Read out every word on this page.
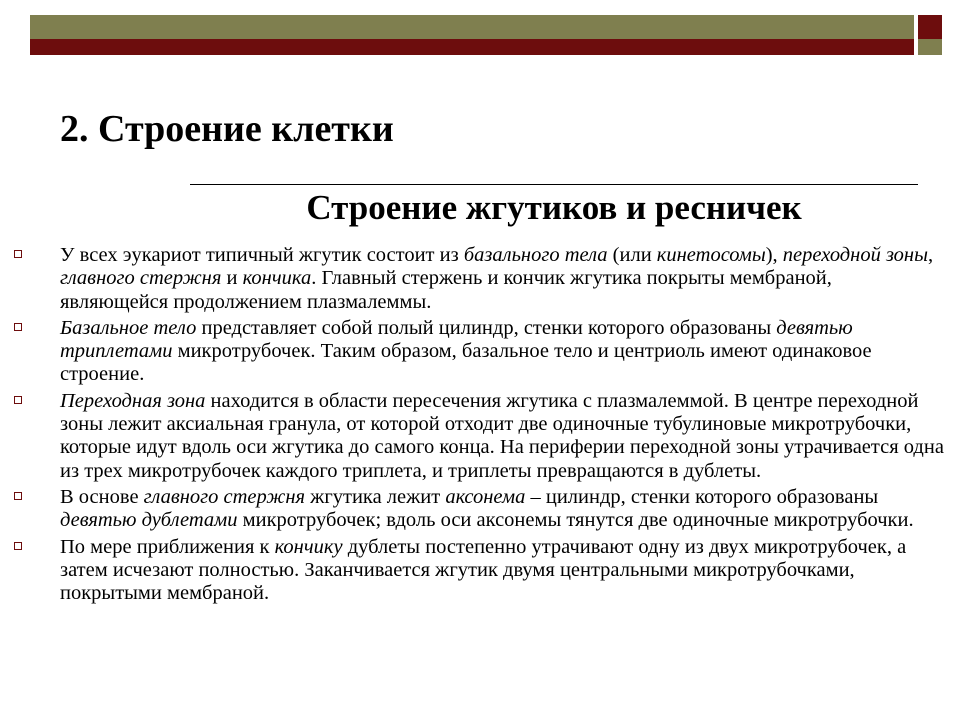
2. Строение клетки
Строение жгутиков и ресничек
У всех эукариот типичный жгутик состоит из базального тела (или кинетосомы), переходной зоны, главного стержня и кончика. Главный стержень и кончик жгутика покрыты мембраной, являющейся продолжением плазмалеммы.
Базальное тело представляет собой полый цилиндр, стенки которого образованы девятью триплетами микротрубочек. Таким образом, базальное тело и центриоль имеют одинаковое строение.
Переходная зона находится в области пересечения жгутика с плазмалеммой. В центре переходной зоны лежит аксиальная гранула, от которой отходит две одиночные тубулиновые микротрубочки, которые идут вдоль оси жгутика до самого конца. На периферии переходной зоны утрачивается одна из трех микротрубочек каждого триплета, и триплеты превращаются в дублеты.
В основе главного стержня жгутика лежит аксонема – цилиндр, стенки которого образованы девятью дублетами микротрубочек; вдоль оси аксонемы тянутся две одиночные микротрубочки.
По мере приближения к кончику дублеты постепенно утрачивают одну из двух микротрубочек, а затем исчезают полностью. Заканчивается жгутик двумя центральными микротрубочками, покрытыми мембраной.
